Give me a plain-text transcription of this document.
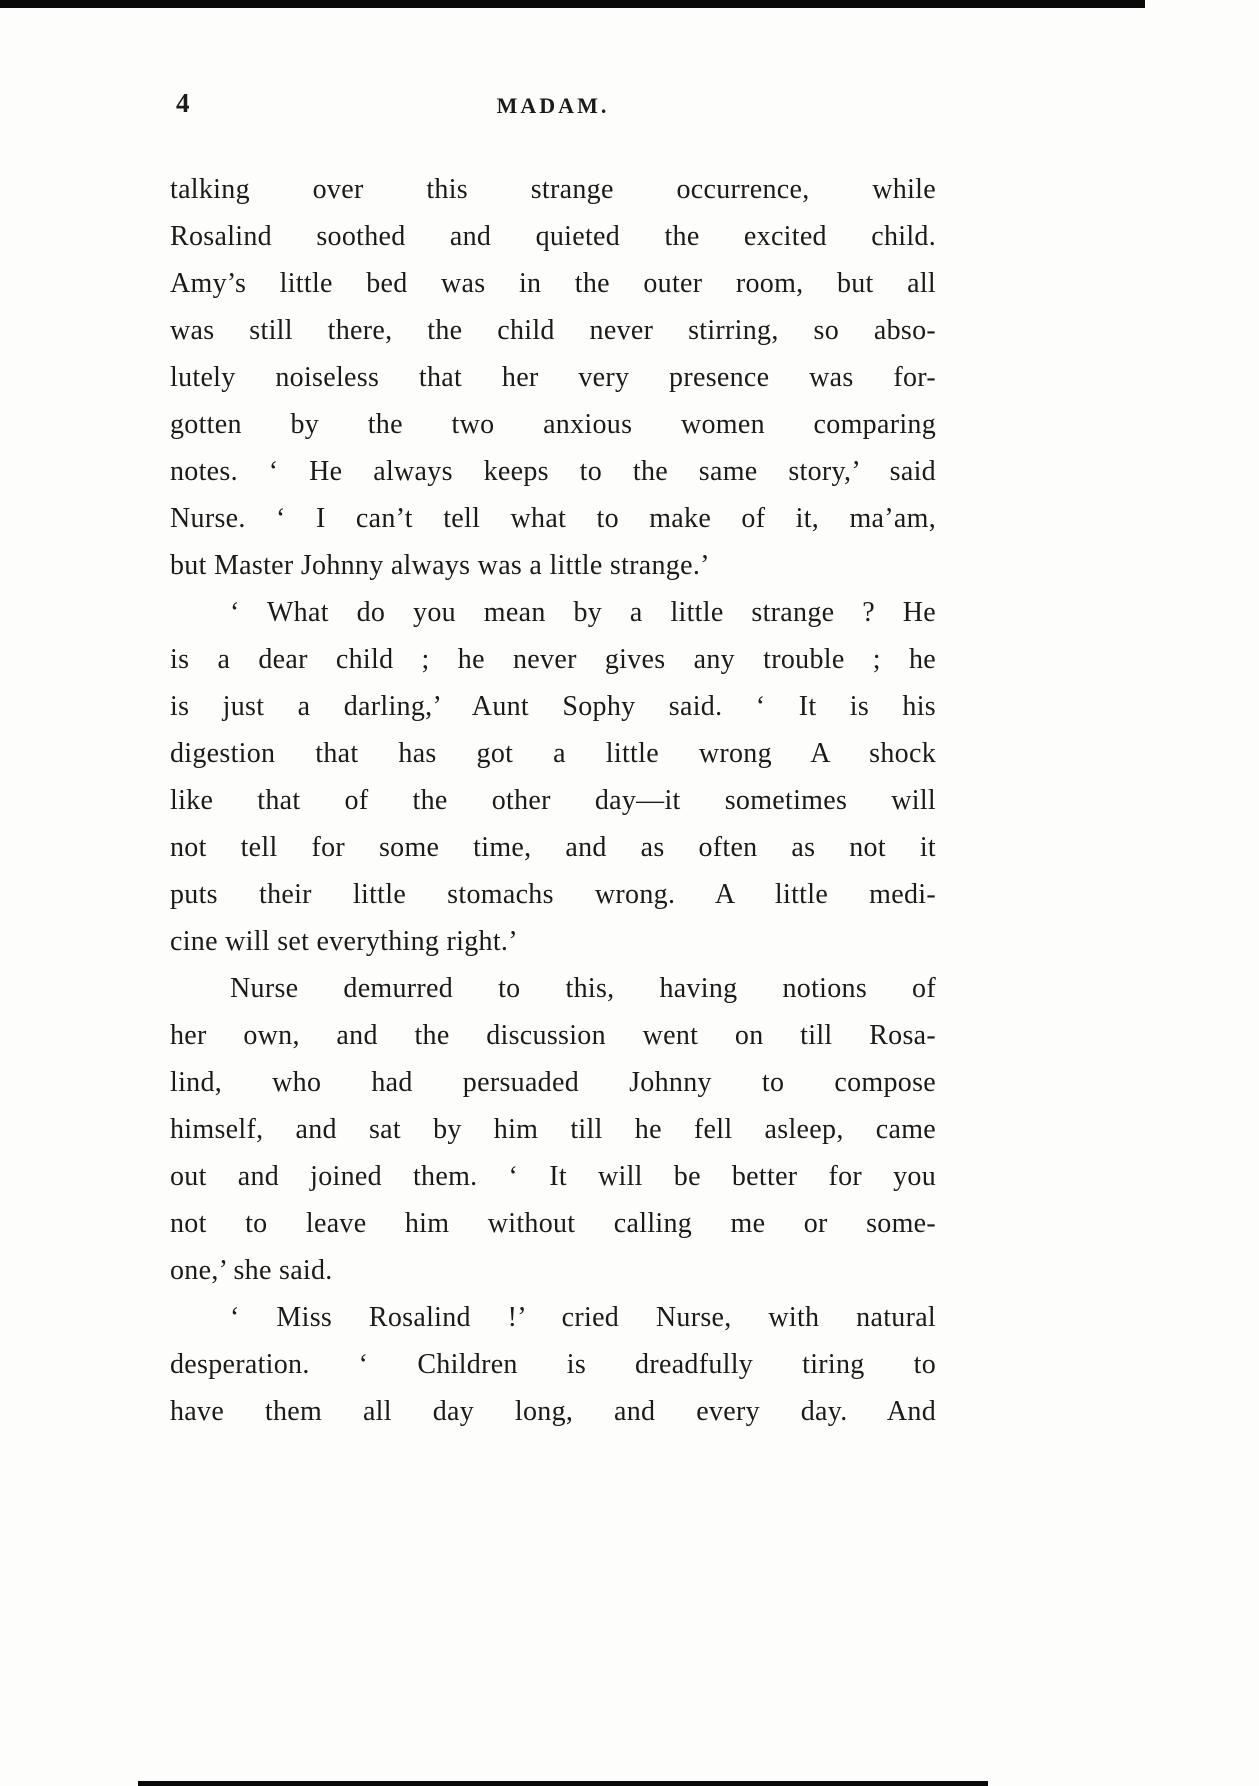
4	MADAM.
talking over this strange occurrence, while
Rosalind soothed and quieted the excited child.
Amy’s little bed was in the outer room, but all
was still there, the child never stirring, so abso-
lutely noiseless that her very presence was for-
gotten by the two anxious women comparing
notes. ‘ He always keeps to the same story,’ said
Nurse. ‘ I can’t tell what to make of it, ma’am,
but Master Johnny always was a little strange.’
‘ What do you mean by a little strange ? He
is a dear child ; he never gives any trouble ; he
is just a darling,’ Aunt Sophy said. ‘ It is his
digestion that has got a little wrong A shock
like that of the other day—it sometimes will
not tell for some time, and as often as not it
puts their little stomachs wrong. A little medi-
cine will set everything right.’
Nurse demurred to this, having notions of
her own, and the discussion went on till Rosa-
lind, who had persuaded Johnny to compose
himself, and sat by him till he fell asleep, came
out and joined them. ‘ It will be better for you
not to leave him without calling me or some-
one,’ she said.
‘ Miss Rosalind !’ cried Nurse, with natural
desperation. ‘ Children is dreadfully tiring to
have them all day long, and every day. And
